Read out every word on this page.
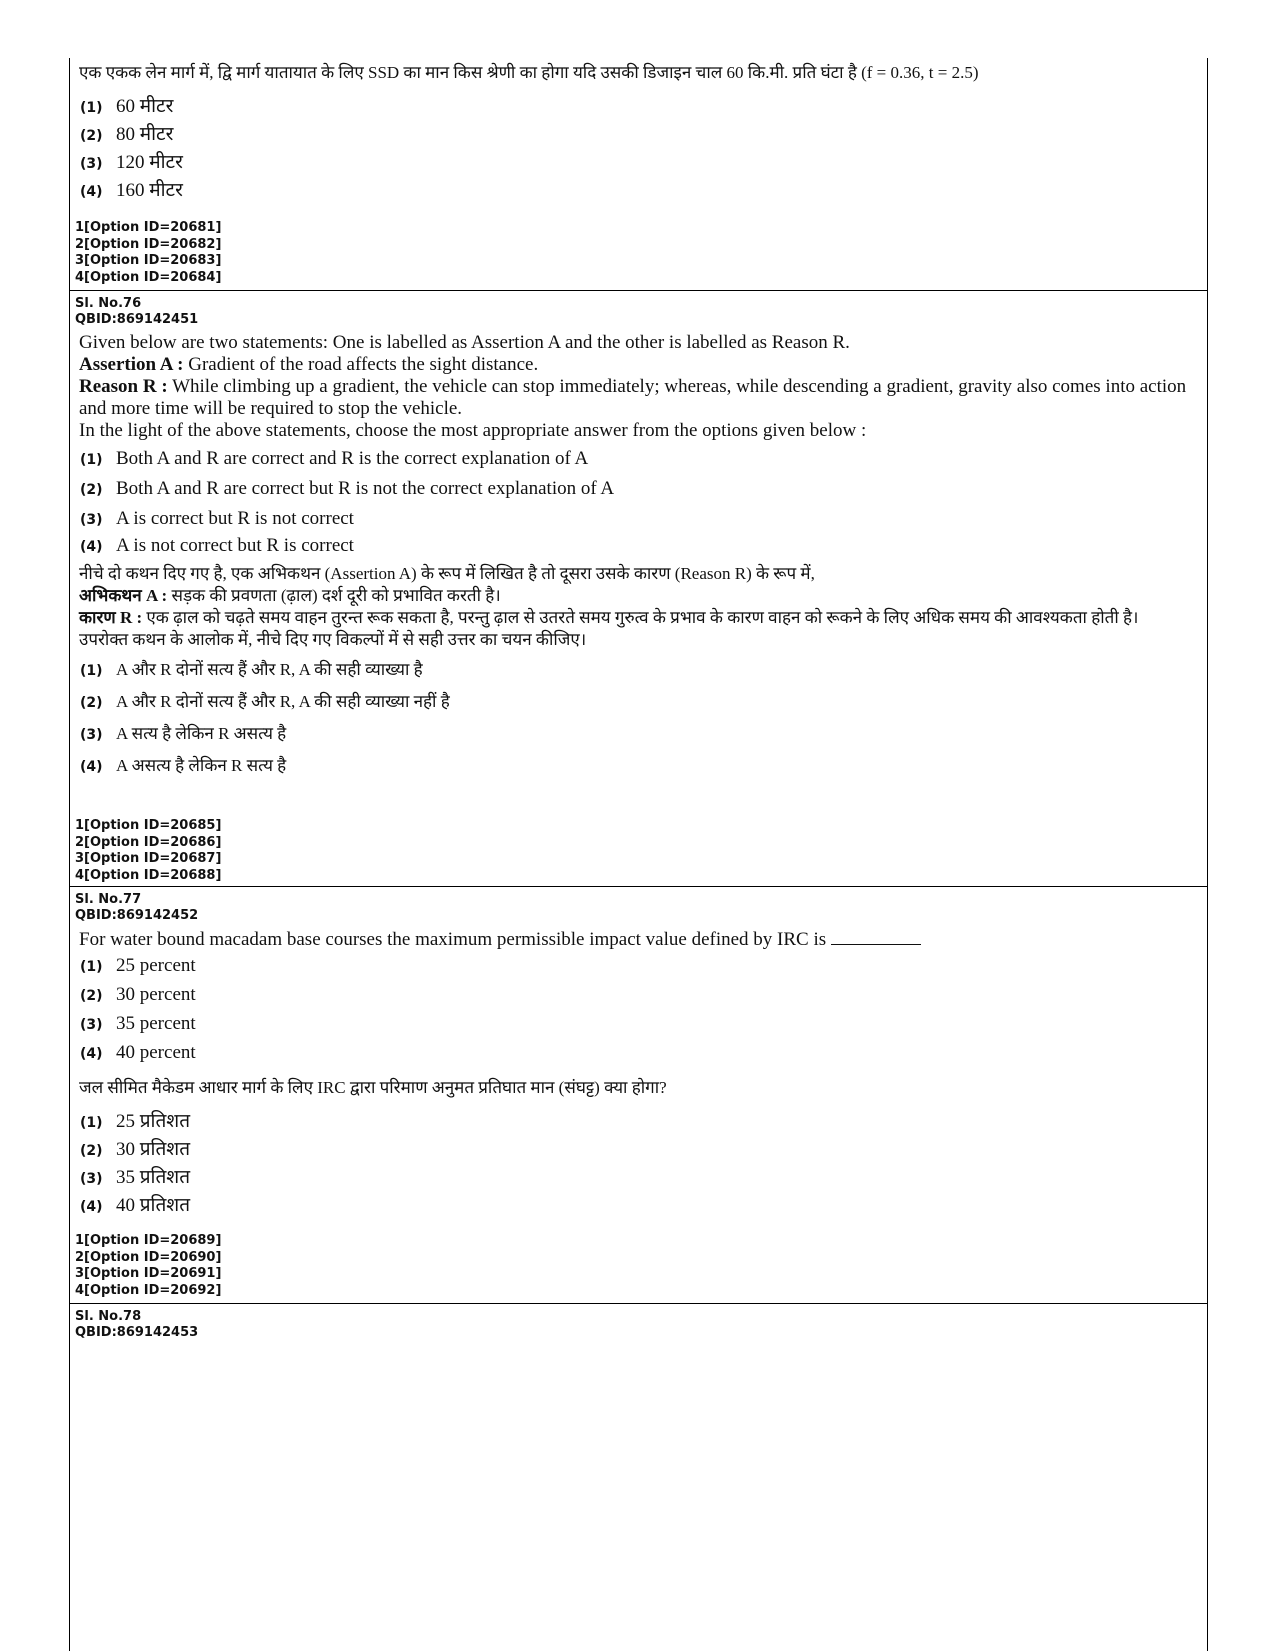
एक एकक लेन मार्ग में, द्वि मार्ग यातायात के लिए SSD का मान किस श्रेणी का होगा यदि उसकी डिजाइन चाल 60 कि.मी. प्रति घंटा है (f = 0.36, t = 2.5)

(1) 60 मीटर
(2) 80 मीटर
(3) 120 मीटर
(4) 160 मीटर
1[Option ID=20681]
2[Option ID=20682]
3[Option ID=20683]
4[Option ID=20684]

Sl. No.76

QBID:869142451

Given below are two statements: One is labelled as Assertion A and the other is labelled as Reason R.

Assertion A : Gradient of the road affects the sight distance.

Reason R : While climbing up a gradient, the vehicle can stop immediately; whereas, while descending a gradient, gravity also comes into action and more time will be required to stop the vehicle.

In the light of the above statements, choose the most appropriate answer from the options given below :

(1) Both A and R are correct and R is the correct explanation of A
(2) Both A and R are correct but R is not the correct explanation of A
(3) A is correct but R is not correct
(4) A is not correct but R is correct

नीचे दो कथन दिए गए है, एक अभिकथन (Assertion A) के रूप में लिखित है तो दूसरा उसके कारण (Reason R) के रूप में,

अभिकथन A : सड़क की प्रवणता (ढ़ाल) दर्श दूरी को प्रभावित करती है।

कारण R : एक ढ़ाल को चढ़ते समय वाहन तुरन्त रूक सकता है, परन्तु ढ़ाल से उतरते समय गुरुत्व के प्रभाव के कारण वाहन को रूकने के लिए अधिक समय की आवश्यकता होती है।

उपरोक्त कथन के आलोक में, नीचे दिए गए विकल्पों में से सही उत्तर का चयन कीजिए।

(1) A और R दोनों सत्य हैं और R, A की सही व्याख्या है
(2) A और R दोनों सत्य हैं और R, A की सही व्याख्या नहीं है
(3) A सत्य है लेकिन R असत्य है
(4) A असत्य है लेकिन R सत्य है
1[Option ID=20685]
2[Option ID=20686]
3[Option ID=20687]
4[Option ID=20688]

Sl. No.77

QBID:869142452

For water bound macadam base courses the maximum permissible impact value defined by IRC is

(1) 25 percent
(2) 30 percent
(3) 35 percent
(4) 40 percent

जल सीमित मैकेडम आधार मार्ग के लिए IRC द्वारा परिमाण अनुमत प्रतिघात मान (संघट्ट) क्या होगा?

(1) 25 प्रतिशत
(2) 30 प्रतिशत
(3) 35 प्रतिशत
(4) 40 प्रतिशत
1[Option ID=20689]
2[Option ID=20690]
3[Option ID=20691]
4[Option ID=20692]

Sl. No.78

QBID:869142453
